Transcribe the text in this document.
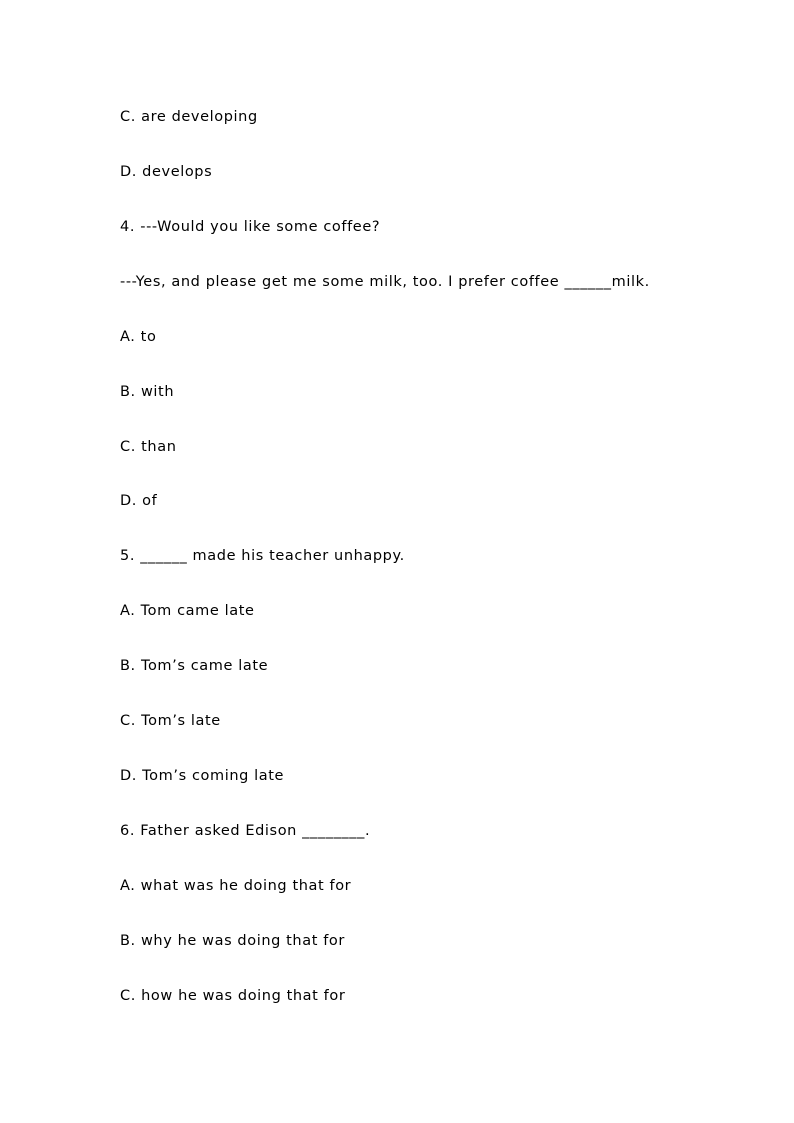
C. are developing
D. develops
4. ---Would you like some coffee?
---Yes, and please get me some milk, too. I prefer coffee ______milk.
A. to
B. with
C. than
D. of
5. ______ made his teacher unhappy.
A. Tom came late
B. Tom’s came late
C. Tom’s late
D. Tom’s coming late
6. Father asked Edison ________.
A. what was he doing that for
B. why he was doing that for
C. how he was doing that for
